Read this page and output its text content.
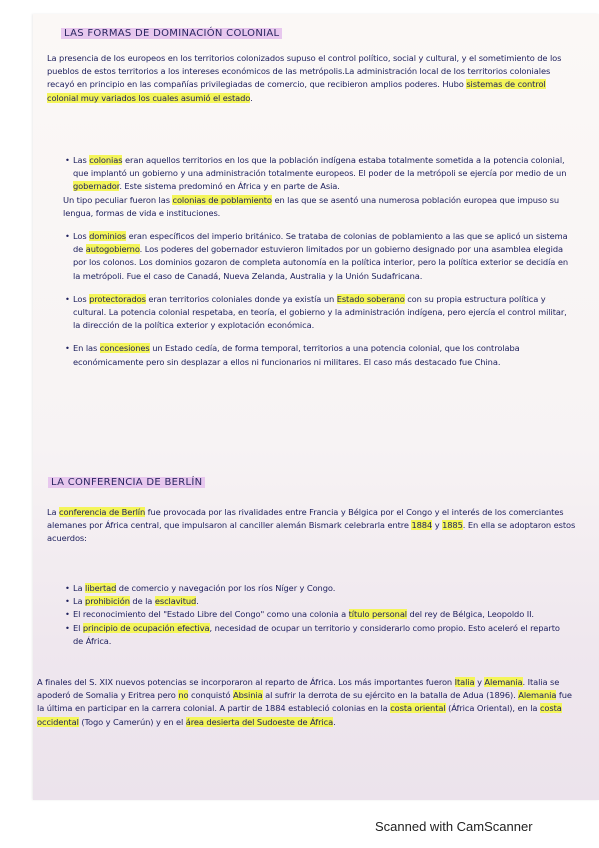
LAS FORMAS DE DOMINACIÓN COLONIAL

La presencia de los europeos en los territorios colonizados supuso el control político, social y cultural, y el sometimiento de los pueblos de estos territorios a los intereses económicos de las metrópolis.La administración local de los territorios coloniales recayó en principio en las compañías privilegiadas de comercio, que recibieron amplios poderes. Hubo sistemas de control colonial muy variados los cuales asumió el estado.

• Las colonias eran aquellos territorios en los que la población indígena estaba totalmente sometida a la potencia colonial, que implantó un gobierno y una administración totalmente europeos. El poder de la metrópoli se ejercía por medio de un gobernador. Este sistema predominó en África y en parte de Asia.

Un tipo peculiar fueron las colonias de poblamiento en las que se asentó una numerosa población europea que impuso su lengua, formas de vida e instituciones.

• Los dominios eran específicos del imperio británico. Se trataba de colonias de poblamiento a las que se aplicó un sistema de autogobierno. Los poderes del gobernador estuvieron limitados por un gobierno designado por una asamblea elegida por los colonos. Los dominios gozaron de completa autonomía en la política interior, pero la política exterior se decidía en la metrópoli. Fue el caso de Canadá, Nueva Zelanda, Australia y la Unión Sudafricana.

• Los protectorados eran territorios coloniales donde ya existía un Estado soberano con su propia estructura política y cultural. La potencia colonial respetaba, en teoría, el gobierno y la administración indígena, pero ejercía el control militar, la dirección de la política exterior y explotación económica.

• En las concesiones un Estado cedía, de forma temporal, territorios a una potencia colonial, que los controlaba económicamente pero sin desplazar a ellos ni funcionarios ni militares. El caso más destacado fue China.

LA CONFERENCIA DE BERLÍN

La conferencia de Berlín fue provocada por las rivalidades entre Francia y Bélgica por el Congo y el interés de los comerciantes alemanes por África central, que impulsaron al canciller alemán Bismark celebrarla entre 1884 y 1885. En ella se adoptaron estos acuerdos:

• La libertad de comercio y navegación por los ríos Níger y Congo.

• La prohibición de la esclavitud.

• El reconocimiento del "Estado Libre del Congo" como una colonia a título personal del rey de Bélgica, Leopoldo II.

• El principio de ocupación efectiva, necesidad de ocupar un territorio y considerarlo como propio. Esto aceleró el reparto de África.

A finales del S. XIX nuevos potencias se incorporaron al reparto de África. Los más importantes fueron Italia y Alemania. Italia se apoderó de Somalia y Eritrea pero no conquistó Absinia al sufrir la derrota de su ejército en la batalla de Adua (1896). Alemania fue la última en participar en la carrera colonial. A partir de 1884 estableció colonias en la costa oriental (África Oriental), en la costa occidental (Togo y Camerún) y en el área desierta del Sudoeste de África.

Scanned with CamScanner
